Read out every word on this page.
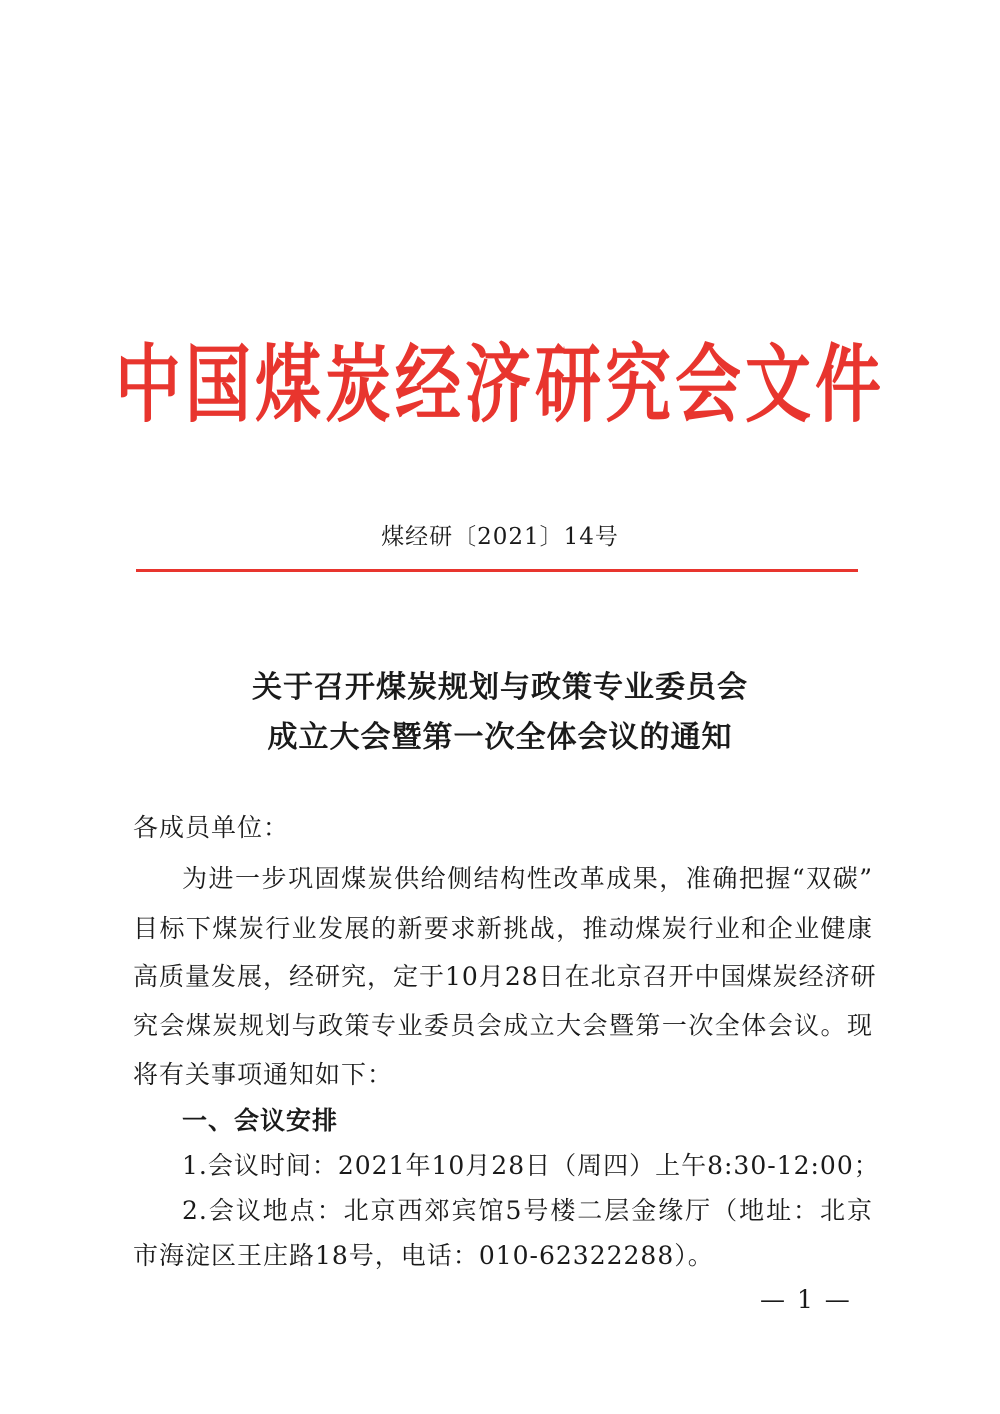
中国煤炭经济研究会文件
煤经研〔2021〕14号
关于召开煤炭规划与政策专业委员会
成立大会暨第一次全体会议的通知
各成员单位：
为进一步巩固煤炭供给侧结构性改革成果，准确把握“双碳”
目标下煤炭行业发展的新要求新挑战，推动煤炭行业和企业健康
高质量发展，经研究，定于10月28日在北京召开中国煤炭经济研
究会煤炭规划与政策专业委员会成立大会暨第一次全体会议。现
将有关事项通知如下：
一、会议安排
1.会议时间：2021年10月28日（周四）上午8:30-12:00；
2.会议地点：北京西郊宾馆5号楼二层金缘厅（地址：北京
市海淀区王庄路18号，电话：010-62322288）。
— 1 —
